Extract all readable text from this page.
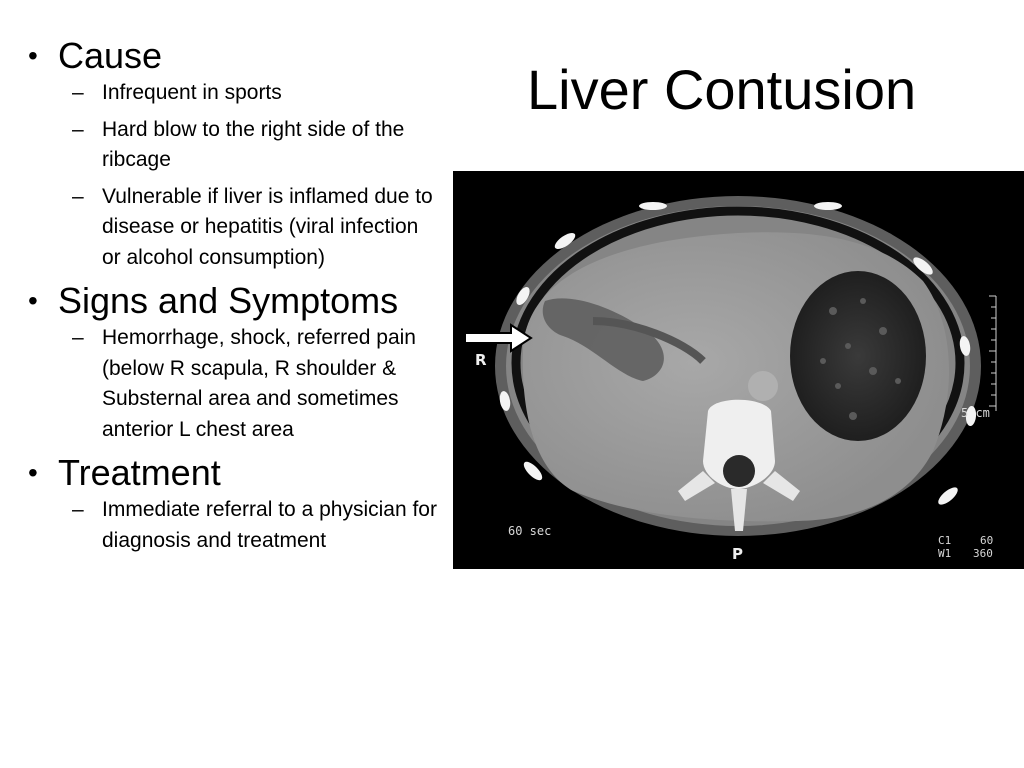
Liver Contusion
• Cause
– Infrequent in sports
– Hard blow to the right side of the ribcage
– Vulnerable if liver is inflamed due to disease or hepatitis (viral infection or alcohol consumption)
• Signs and Symptoms
– Hemorrhage, shock, referred pain (below R scapula, R shoulder & Substernal area and sometimes anterior L chest area
• Treatment
– Immediate referral to a physician for diagnosis and treatment
R
P
60 sec
5 cm
C1	60
W1 360
